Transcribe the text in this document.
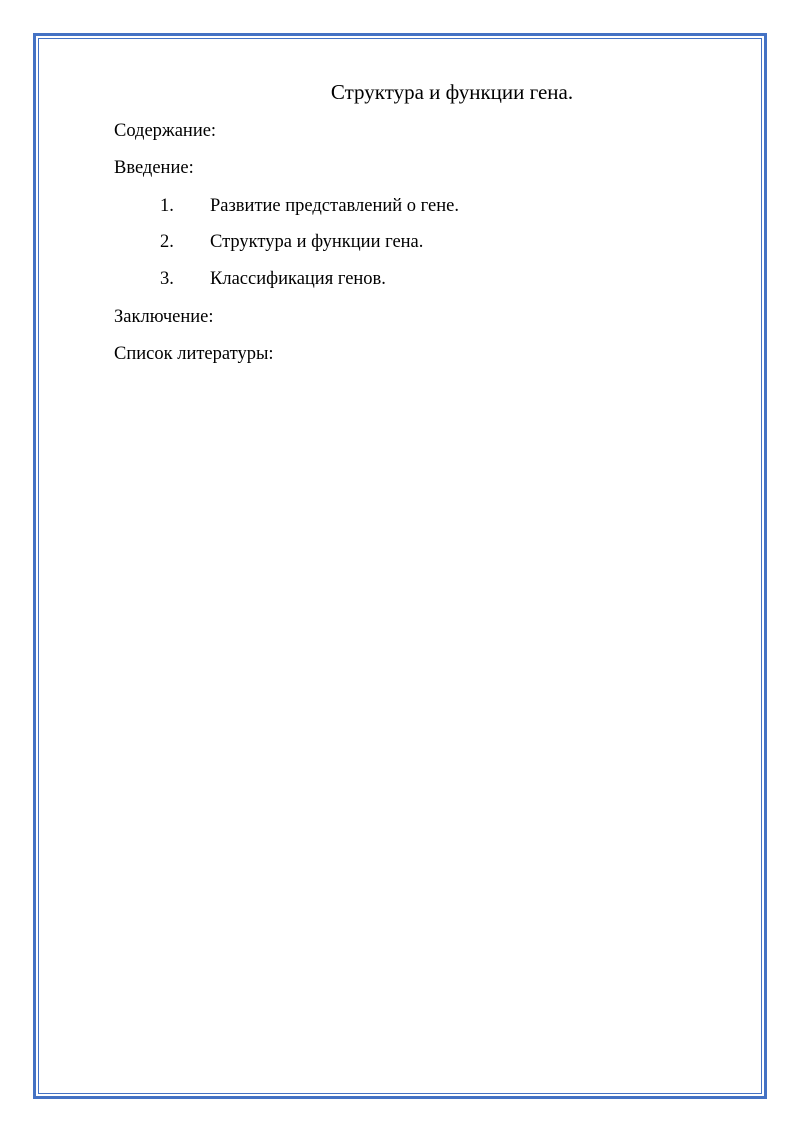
Структура и функции гена.
Содержание:
Введение:
1. Развитие представлений о гене.
2. Структура и функции гена.
3. Классификация генов.
Заключение:
Список литературы:
